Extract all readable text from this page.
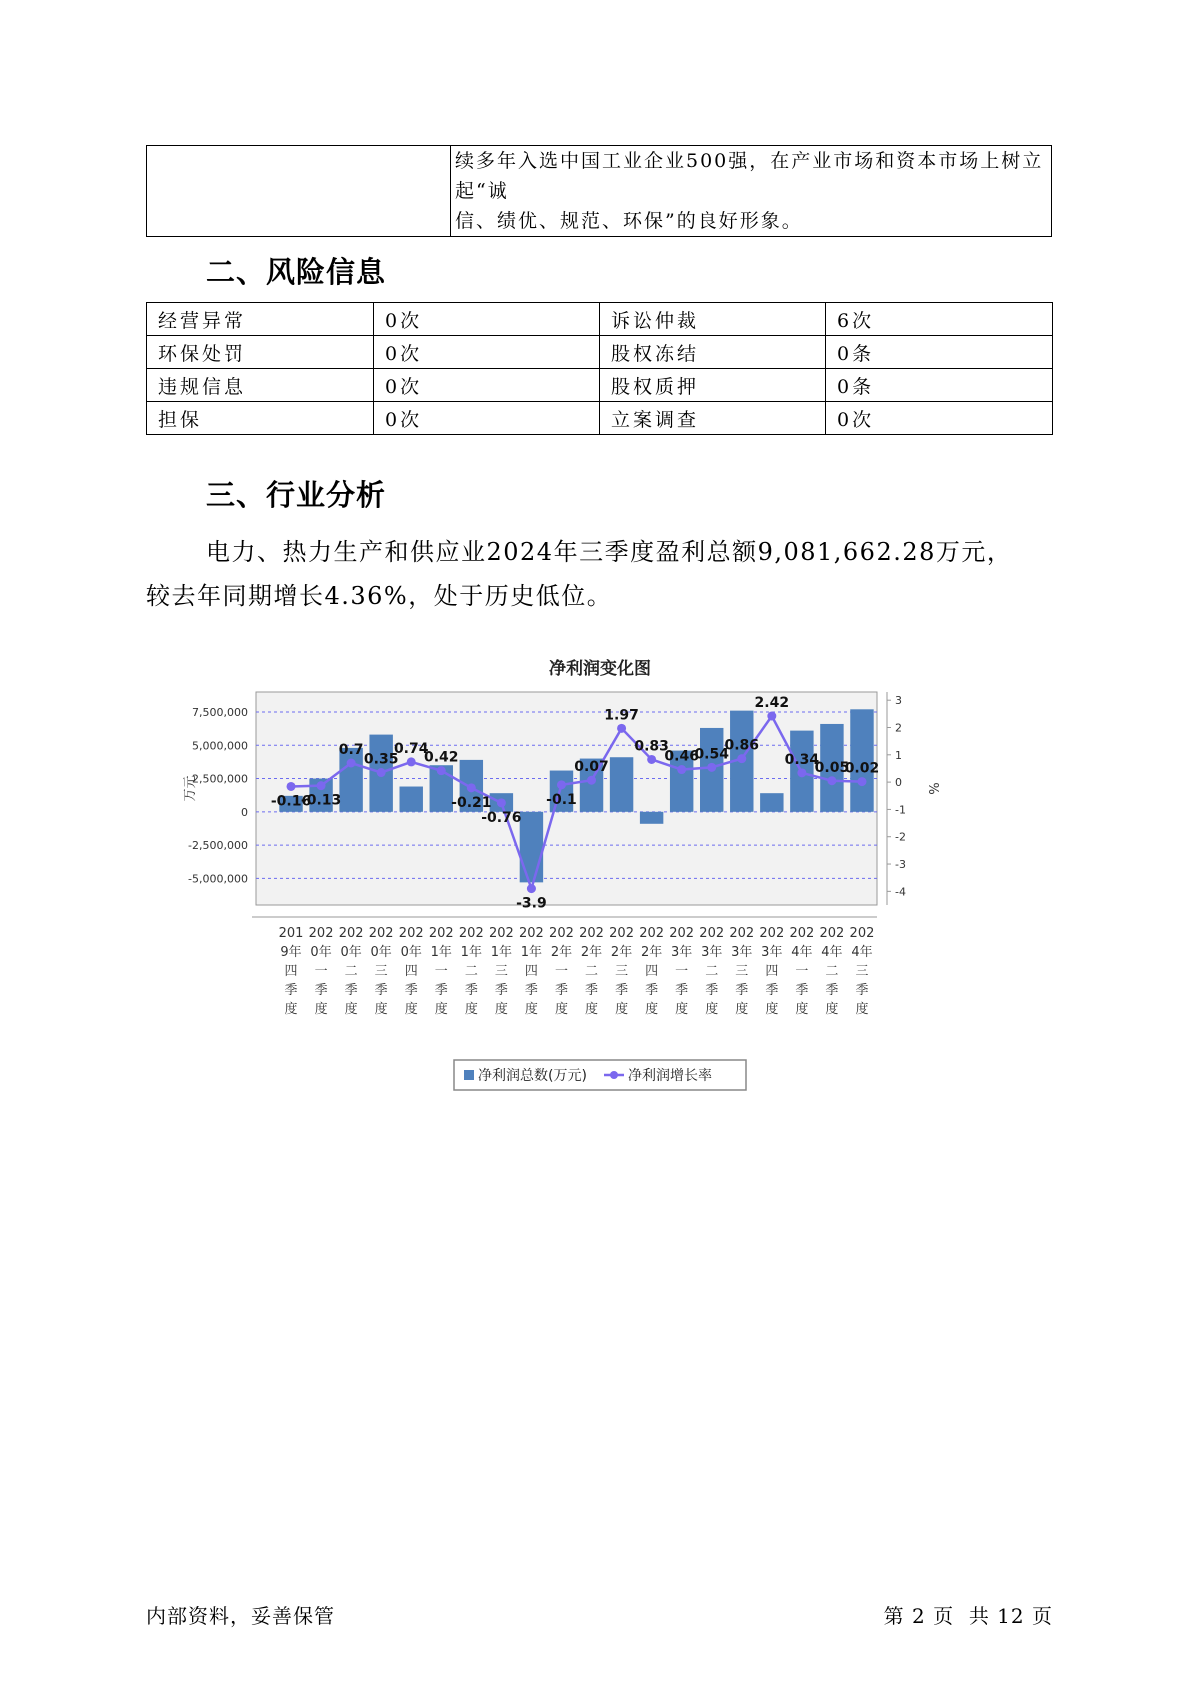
续多年入选中国工业企业500强，在产业市场和资本市场上树立起“诚
信、绩优、规范、环保”的良好形象。
二、风险信息
经营异常	0次	诉讼仲裁	6次
环保处罚	0次	股权冻结	0条
违规信息	0次	股权质押	0条
担保	0次	立案调查	0次
三、行业分析

电力、热力生产和供应业2024年三季度盈利总额9,081,662.28万元，
较去年同期增长4.36%，处于历史低位。

净利润变化图
-5,000,000
-2,500,000
0
2,500,000
5,000,000
7,500,000
-4
-3
-2
-1
0
1
2
3
201
9年
四
季
度
202
0年
一
季
度
202
0年
二
季
度
202
0年
三
季
度
202
0年
四
季
度
202
1年
一
季
度
202
1年
二
季
度
202
1年
三
季
度
202
1年
四
季
度
202
2年
一
季
度
202
2年
二
季
度
202
2年
三
季
度
202
2年
四
季
度
202
3年
一
季
度
202
3年
二
季
度
202
3年
三
季
度
202
3年
四
季
度
202
4年
一
季
度
202
4年
二
季
度
202
4年
三
季
度
-0.16
-0.13
0.7
0.35
0.74
0.42
-0.21
-0.76
-3.9
-0.1
0.07
1.97
0.83
0.46
0.54
0.86
2.42
0.34
0.05
0.02
万元	%
净利润总数(万元)	净利润增长率
内部资料，妥善保管	第 2 页  共 12 页
